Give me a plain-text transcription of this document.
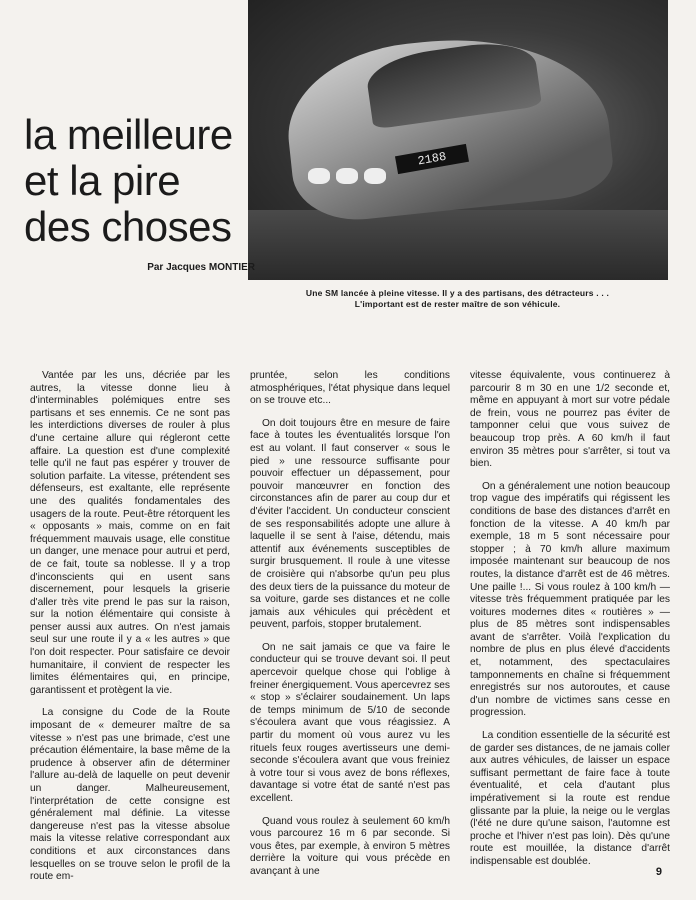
2188
Une SM lancée à pleine vitesse. Il y a des partisans, des détracteurs . . .
L'important est de rester maître de son véhicule.
la meilleure
et la pire
des choses
Par Jacques MONTIER

Vantée par les uns, décriée par les autres, la vitesse donne lieu à d'interminables polémiques entre ses partisans et ses ennemis. Ce ne sont pas les interdictions diverses de rouler à plus d'une certaine allure qui régleront cette affaire. La question est d'une complexité telle qu'il ne faut pas espérer y trouver de solution parfaite. La vitesse, prétendent ses défenseurs, est exaltante, elle représente une des qualités fondamentales des usagers de la route. Peut-être rétorquent les « opposants » mais, comme on en fait fréquemment mauvais usage, elle constitue un danger, une menace pour autrui et perd, de ce fait, toute sa noblesse. Il y a trop d'inconscients qui en usent sans discernement, pour lesquels la griserie d'aller très vite prend le pas sur la raison, sur la notion élémentaire qui consiste à penser aussi aux autres. On n'est jamais seul sur une route il y a « les autres » que l'on doit respecter. Pour satisfaire ce devoir humanitaire, il convient de respecter les limites élémentaires qui, en principe, garantissent et protègent la vie.

La consigne du Code de la Route imposant de « demeurer maître de sa vitesse » n'est pas une brimade, c'est une précaution élémentaire, la base même de la prudence à observer afin de déterminer l'allure au-delà de laquelle on peut devenir un danger. Malheureusement, l'interprétation de cette consigne est généralement mal définie. La vitesse dangereuse n'est pas la vitesse absolue mais la vitesse relative correspondant aux conditions et aux circonstances dans lesquelles on se trouve selon le profil de la route em-

pruntée, selon les conditions atmosphériques, l'état physique dans lequel on se trouve etc...

On doit toujours être en mesure de faire face à toutes les éventualités lorsque l'on est au volant. Il faut conserver « sous le pied » une ressource suffisante pour pouvoir effectuer un dépassement, pour pouvoir manœuvrer en fonction des circonstances afin de parer au coup dur et d'éviter l'accident. Un conducteur conscient de ses responsabilités adopte une allure à laquelle il se sent à l'aise, détendu, mais attentif aux événements susceptibles de surgir brusquement. Il roule à une vitesse de croisière qui n'absorbe qu'un peu plus des deux tiers de la puissance du moteur de sa voiture, garde ses distances et ne colle jamais aux véhicules qui précèdent et peuvent, parfois, stopper brutalement.

On ne sait jamais ce que va faire le conducteur qui se trouve devant soi. Il peut apercevoir quelque chose qui l'oblige à freiner énergiquement. Vous apercevrez ses « stop » s'éclairer soudainement. Un laps de temps minimum de 5/10 de seconde s'écoulera avant que vous réagissiez. A partir du moment où vous aurez vu les rituels feux rouges avertisseurs une demi-seconde s'écoulera avant que vous freiniez à votre tour si vous avez de bons réflexes, davantage si votre état de santé n'est pas excellent.

Quand vous roulez à seulement 60 km/h vous parcourez 16 m 6 par seconde. Si vous êtes, par exemple, à environ 5 mètres derrière la voiture qui vous précède en avançant à une

vitesse équivalente, vous continuerez à parcourir 8 m 30 en une 1/2 seconde et, même en appuyant à mort sur votre pédale de frein, vous ne pourrez pas éviter de tamponner celui que vous suivez de beaucoup trop près. A 60 km/h il faut environ 35 mètres pour s'arrêter, si tout va bien.

On a généralement une notion beaucoup trop vague des impératifs qui régissent les conditions de base des distances d'arrêt en fonction de la vitesse. A 40 km/h par exemple, 18 m 5 sont nécessaire pour stopper ; à 70 km/h allure maximum imposée maintenant sur beaucoup de nos routes, la distance d'arrêt est de 46 mètres. Une paille !... Si vous roulez à 100 km/h — vitesse très fréquemment pratiquée par les voitures modernes dites « routières » — plus de 85 mètres sont indispensables avant de s'arrêter. Voilà l'explication du nombre de plus en plus élevé d'accidents et, notamment, des spectaculaires tamponnements en chaîne si fréquemment enregistrés sur nos autoroutes, et cause d'un nombre de victimes sans cesse en progression.

La condition essentielle de la sécurité est de garder ses distances, de ne jamais coller aux autres véhicules, de laisser un espace suffisant permettant de faire face à toute éventualité, et cela d'autant plus impérativement si la route est rendue glissante par la pluie, la neige ou le verglas (l'été ne dure qu'une saison, l'automne est proche et l'hiver n'est pas loin). Dès qu'une route est mouillée, la distance d'arrêt indispensable est doublée.

9
